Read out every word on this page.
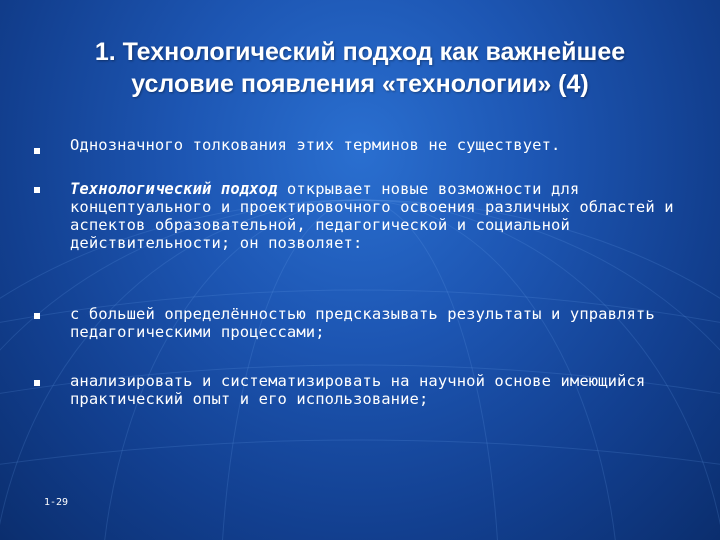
1. Технологический подход как важнейшее
условие появления «технологии» (4)
Однозначного толкования этих терминов не существует.
Технологический подход открывает новые возможности для концептуального и проектировочного освоения различных областей и аспектов образовательной, педагогической и социальной действительности; он позволяет:
с большей определённостью предсказывать результаты и управлять педагогическими процессами;
анализировать и систематизировать на научной основе имеющийся практический опыт и его использование;
1-29
